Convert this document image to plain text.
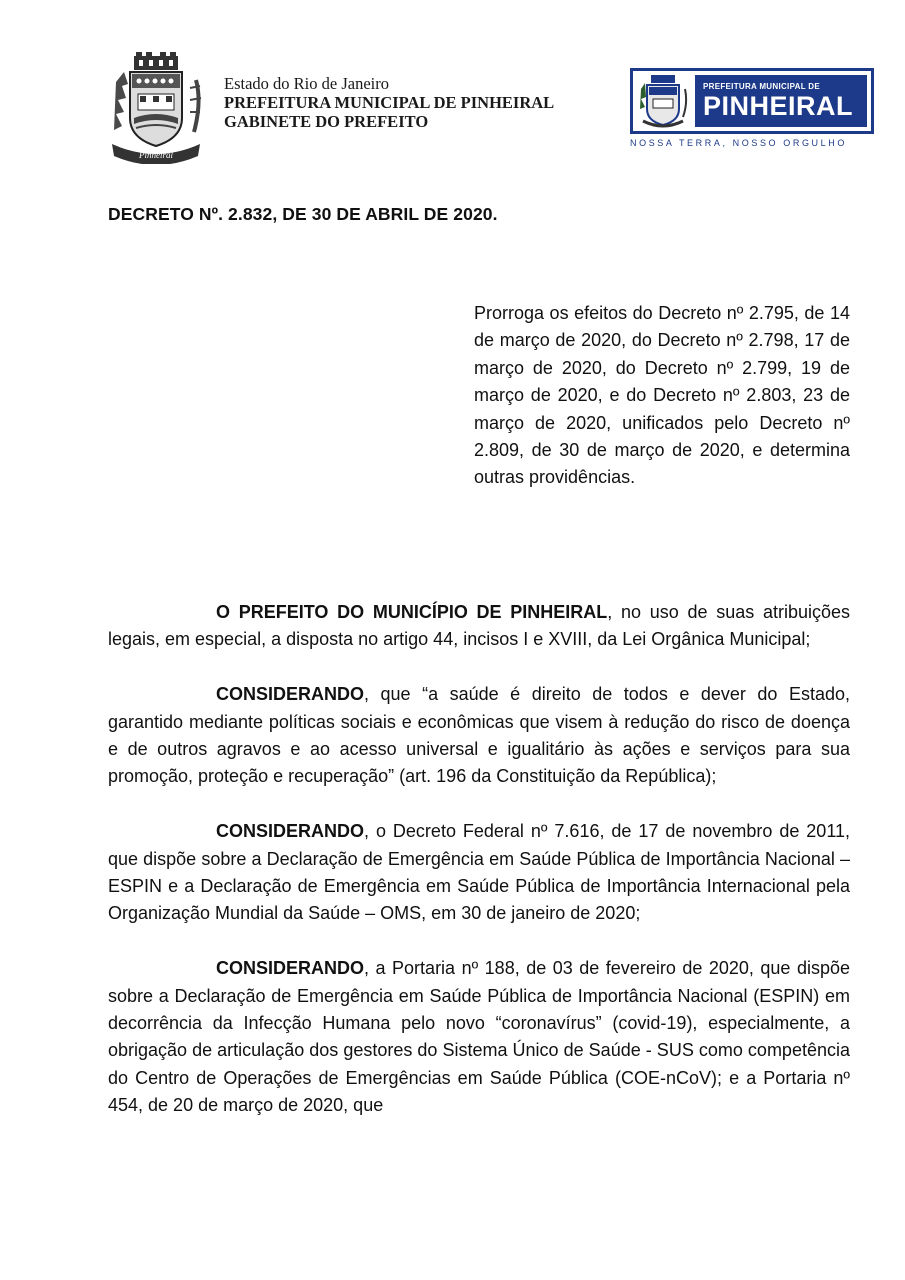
Pinheiral
Estado do Rio de Janeiro
PREFEITURA MUNICIPAL DE PINHEIRAL
GABINETE DO PREFEITO
PREFEITURA MUNICIPAL DE
PINHEIRAL
NOSSA TERRA, NOSSO ORGULHO
DECRETO Nº. 2.832, DE 30 DE ABRIL DE 2020.
Prorroga os efeitos do Decreto nº 2.795, de 14 de março de 2020, do Decreto nº 2.798, 17 de março de 2020, do Decreto nº 2.799, 19 de março de 2020, e do Decreto nº 2.803, 23 de março de 2020, unificados pelo Decreto nº 2.809, de 30 de março de 2020, e determina outras providências.

O PREFEITO DO MUNICÍPIO DE PINHEIRAL, no uso de suas atribuições legais, em especial, a disposta no artigo 44, incisos I e XVIII, da Lei Orgânica Municipal;

CONSIDERANDO, que “a saúde é direito de todos e dever do Estado, garantido mediante políticas sociais e econômicas que visem à redução do risco de doença e de outros agravos e ao acesso universal e igualitário às ações e serviços para sua promoção, proteção e recuperação” (art. 196 da Constituição da República);

CONSIDERANDO, o Decreto Federal nº 7.616, de 17 de novembro de 2011, que dispõe sobre a Declaração de Emergência em Saúde Pública de Importância Nacional – ESPIN e a Declaração de Emergência em Saúde Pública de Importância Internacional pela Organização Mundial da Saúde – OMS, em 30 de janeiro de 2020;

CONSIDERANDO, a Portaria nº 188, de 03 de fevereiro de 2020, que dispõe sobre a Declaração de Emergência em Saúde Pública de Importância Nacional (ESPIN) em decorrência da Infecção Humana pelo novo “coronavírus” (covid-19), especialmente, a obrigação de articulação dos gestores do Sistema Único de Saúde - SUS como competência do Centro de Operações de Emergências em Saúde Pública (COE-nCoV); e a Portaria nº 454, de 20 de março de 2020, que
